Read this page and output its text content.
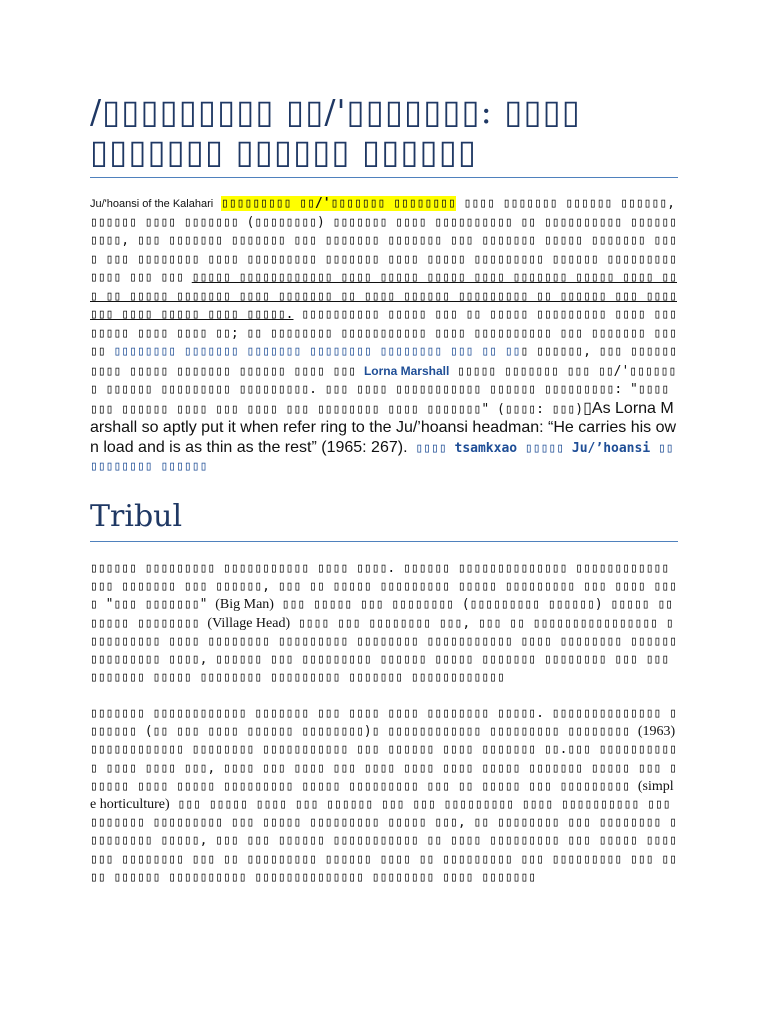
/▯▯▯▯▯▯▯▯▯ ▯▯/'▯▯▯▯▯▯▯: ▯▯▯▯ ▯▯▯▯▯▯▯ ▯▯▯▯▯▯ ▯▯▯▯▯▯
Ju/'hoansi of the Kalahari ▯▯▯▯▯▯▯▯▯ ▯▯/'▯▯▯▯▯▯▯ ▯▯▯▯▯▯▯▯ ▯▯▯▯ ▯▯▯▯▯▯▯ ▯▯▯▯▯▯ ▯▯▯▯▯▯, ▯▯▯▯▯▯ ▯▯▯▯ ▯▯▯▯▯▯▯ (▯▯▯▯▯▯▯▯) ▯▯▯▯▯▯▯ ▯▯▯▯ ▯▯▯▯▯▯▯▯▯▯ ▯▯ ▯▯▯▯▯▯▯▯▯▯ ▯▯▯▯▯▯▯▯▯▯, ▯▯▯ ▯▯▯▯▯▯▯ ▯▯▯▯▯▯▯ ▯▯▯ ▯▯▯▯▯▯▯ ▯▯▯▯▯▯▯ ▯▯▯ ▯▯▯▯▯▯▯ ▯▯▯▯▯ ▯▯▯▯▯▯▯ ▯▯▯▯ ▯▯▯ ▯▯▯▯▯▯▯▯ ▯▯▯▯ ▯▯▯▯▯▯▯▯▯ ▯▯▯▯▯▯▯ ▯▯▯▯ ▯▯▯▯▯ ▯▯▯▯▯▯▯▯▯ ▯▯▯▯▯▯ ▯▯▯▯▯▯▯▯▯ ▯▯▯▯ ▯▯▯ ▯▯▯ ▯▯▯▯▯ ▯▯▯▯▯▯▯▯▯▯▯▯ ▯▯▯▯ ▯▯▯▯▯ ▯▯▯▯▯ ▯▯▯▯ ▯▯▯▯▯▯▯ ▯▯▯▯▯ ▯▯▯▯ ▯▯▯ ▯▯ ▯▯▯▯▯ ▯▯▯▯▯▯▯ ▯▯▯▯ ▯▯▯▯▯▯▯ ▯▯ ▯▯▯▯ ▯▯▯▯▯▯ ▯▯▯▯▯▯▯▯▯ ▯▯ ▯▯▯▯▯▯ ▯▯▯ ▯▯▯▯ ▯▯▯ ▯▯▯▯ ▯▯▯▯▯ ▯▯▯▯ ▯▯▯▯▯. ▯▯▯▯▯▯▯▯▯▯ ▯▯▯▯▯ ▯▯▯ ▯▯ ▯▯▯▯▯ ▯▯▯▯▯▯▯▯▯ ▯▯▯▯ ▯▯▯▯▯▯▯▯ ▯▯▯▯ ▯▯▯▯ ▯▯; ▯▯ ▯▯▯▯▯▯▯▯ ▯▯▯▯▯▯▯▯▯▯▯ ▯▯▯▯ ▯▯▯▯▯▯▯▯▯▯ ▯▯▯ ▯▯▯▯▯▯▯ ▯▯▯▯▯ ▯▯▯▯▯▯▯▯ ▯▯▯▯▯▯▯ ▯▯▯▯▯▯▯ ▯▯▯▯▯▯▯▯ ▯▯▯▯▯▯▯▯ ▯▯▯ ▯▯ ▯▯▯ ▯▯▯▯▯▯, ▯▯▯ ▯▯▯▯▯▯▯▯▯▯ ▯▯▯▯▯ ▯▯▯▯▯▯▯ ▯▯▯▯▯▯ ▯▯▯▯ ▯▯▯ Lorna Marshall ▯▯▯▯▯ ▯▯▯▯▯▯▯ ▯▯▯ ▯▯/'▯▯▯▯▯▯▯ ▯▯▯▯▯▯ ▯▯▯▯▯▯▯▯▯ ▯▯▯▯▯▯▯▯▯. ▯▯▯ ▯▯▯▯ ▯▯▯▯▯▯▯▯▯▯▯ ▯▯▯▯▯▯ ▯▯▯▯▯▯▯▯▯: "▯▯▯▯ ▯▯▯ ▯▯▯▯▯▯ ▯▯▯▯ ▯▯▯ ▯▯▯▯ ▯▯▯ ▯▯▯▯▯▯▯▯ ▯▯▯▯ ▯▯▯▯▯▯▯" (▯▯▯▯: ▯▯▯)▯As Lorna Marshall so aptly put it when refer ring to the Ju/’hoansi headman: “He carries his own load and is as thin as the rest” (1965: 267). ▯▯▯▯ tsamkxao ▯▯▯▯▯ Ju/’hoansi ▯▯▯▯▯▯▯▯▯▯ ▯▯▯▯▯▯
Tribul
▯▯▯▯▯▯ ▯▯▯▯▯▯▯▯▯ ▯▯▯▯▯▯▯▯▯▯▯ ▯▯▯▯ ▯▯▯▯. ▯▯▯▯▯▯ ▯▯▯▯▯▯▯▯▯▯▯▯▯▯ ▯▯▯▯▯▯▯▯▯▯▯▯ ▯▯▯ ▯▯▯▯▯▯▯ ▯▯▯ ▯▯▯▯▯▯, ▯▯▯ ▯▯ ▯▯▯▯▯ ▯▯▯▯▯▯▯▯▯ ▯▯▯▯▯ ▯▯▯▯▯▯▯▯▯ ▯▯▯ ▯▯▯▯ ▯▯▯▯ "▯▯▯ ▯▯▯▯▯▯▯" (Big Man) ▯▯▯ ▯▯▯▯▯ ▯▯▯ ▯▯▯▯▯▯▯▯ (▯▯▯▯▯▯▯▯▯ ▯▯▯▯▯▯) ▯▯▯▯▯ ▯▯▯▯▯▯▯ ▯▯▯▯▯▯▯▯ (Village Head) ▯▯▯▯ ▯▯▯ ▯▯▯▯▯▯▯▯ ▯▯▯, ▯▯▯ ▯▯ ▯▯▯▯▯▯▯▯▯▯▯▯▯▯▯▯ ▯▯▯▯▯▯▯▯▯▯ ▯▯▯▯ ▯▯▯▯▯▯▯▯ ▯▯▯▯▯▯▯▯▯ ▯▯▯▯▯▯▯▯ ▯▯▯▯▯▯▯▯▯▯▯ ▯▯▯▯ ▯▯▯▯▯▯▯▯ ▯▯▯▯▯▯ ▯▯▯▯▯▯▯▯▯ ▯▯▯▯, ▯▯▯▯▯▯ ▯▯▯ ▯▯▯▯▯▯▯▯▯ ▯▯▯▯▯▯ ▯▯▯▯▯ ▯▯▯▯▯▯▯ ▯▯▯▯▯▯▯▯ ▯▯▯ ▯▯▯ ▯▯▯▯▯▯▯ ▯▯▯▯▯ ▯▯▯▯▯▯▯▯ ▯▯▯▯▯▯▯▯▯ ▯▯▯▯▯▯▯ ▯▯▯▯▯▯▯▯▯▯▯▯
▯▯▯▯▯▯▯ ▯▯▯▯▯▯▯▯▯▯▯▯ ▯▯▯▯▯▯▯ ▯▯▯ ▯▯▯▯ ▯▯▯▯ ▯▯▯▯▯▯▯▯ ▯▯▯▯▯. ▯▯▯▯▯▯▯▯▯▯▯▯▯▯ ▯▯▯▯▯▯▯ (▯▯ ▯▯▯ ▯▯▯▯ ▯▯▯▯▯▯ ▯▯▯▯▯▯▯▯)▯ ▯▯▯▯▯▯▯▯▯▯▯▯ ▯▯▯▯▯▯▯▯▯ ▯▯▯▯▯▯▯▯ (1963) ▯▯▯▯▯▯▯▯▯▯▯▯ ▯▯▯▯▯▯▯▯ ▯▯▯▯▯▯▯▯▯▯▯ ▯▯▯ ▯▯▯▯▯▯ ▯▯▯▯ ▯▯▯▯▯▯▯ ▯▯.▯▯▯ ▯▯▯▯▯▯▯▯▯▯▯ ▯▯▯▯ ▯▯▯▯ ▯▯▯, ▯▯▯▯ ▯▯▯ ▯▯▯▯ ▯▯▯ ▯▯▯▯ ▯▯▯▯ ▯▯▯▯ ▯▯▯▯▯ ▯▯▯▯▯▯▯ ▯▯▯▯▯ ▯▯▯ ▯▯▯▯▯▯ ▯▯▯▯ ▯▯▯▯▯ ▯▯▯▯▯▯▯▯▯ ▯▯▯▯▯ ▯▯▯▯▯▯▯▯▯ ▯▯▯ ▯▯ ▯▯▯▯▯ ▯▯▯ ▯▯▯▯▯▯▯▯▯ (simple horticulture) ▯▯▯ ▯▯▯▯▯ ▯▯▯▯ ▯▯▯ ▯▯▯▯▯▯ ▯▯▯ ▯▯▯ ▯▯▯▯▯▯▯▯▯ ▯▯▯▯ ▯▯▯▯▯▯▯▯▯▯ ▯▯▯▯▯▯▯▯▯▯ ▯▯▯▯▯▯▯▯▯ ▯▯▯ ▯▯▯▯▯ ▯▯▯▯▯▯▯▯▯ ▯▯▯▯▯ ▯▯▯, ▯▯ ▯▯▯▯▯▯▯▯ ▯▯▯ ▯▯▯▯▯▯▯▯ ▯▯▯▯▯▯▯▯▯ ▯▯▯▯▯, ▯▯▯ ▯▯▯ ▯▯▯▯▯▯ ▯▯▯▯▯▯▯▯▯▯▯ ▯▯ ▯▯▯▯ ▯▯▯▯▯▯▯▯▯ ▯▯▯ ▯▯▯▯▯ ▯▯▯▯▯▯▯ ▯▯▯▯▯▯▯▯ ▯▯▯ ▯▯ ▯▯▯▯▯▯▯▯▯ ▯▯▯▯▯▯ ▯▯▯▯ ▯▯ ▯▯▯▯▯▯▯▯▯ ▯▯▯ ▯▯▯▯▯▯▯▯▯ ▯▯▯ ▯▯▯▯ ▯▯▯▯▯▯ ▯▯▯▯▯▯▯▯▯▯ ▯▯▯▯▯▯▯▯▯▯▯▯▯▯ ▯▯▯▯▯▯▯▯ ▯▯▯▯ ▯▯▯▯▯▯▯
